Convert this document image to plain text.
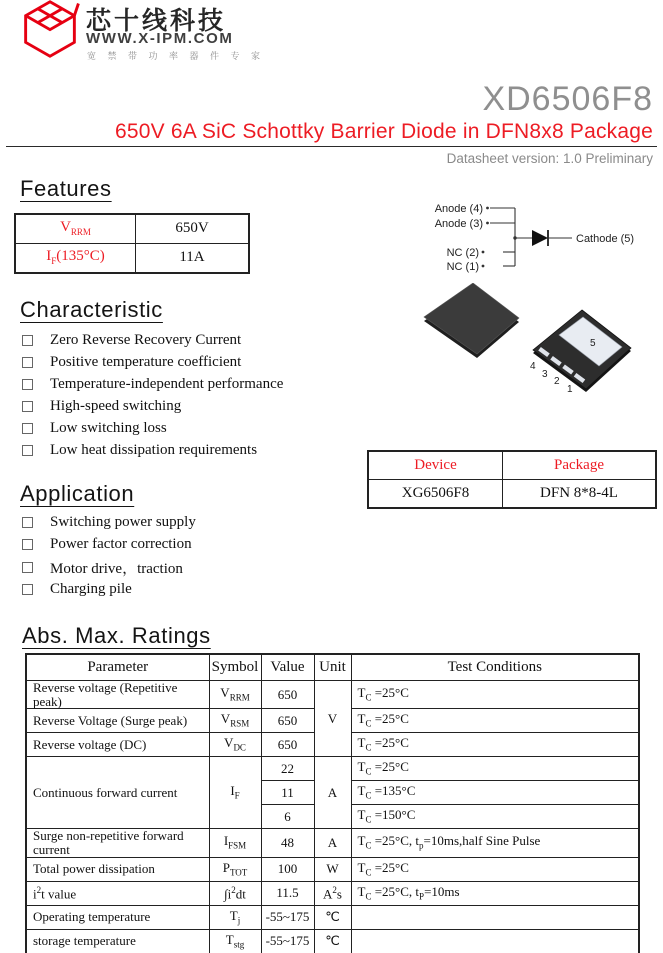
芯十线科技
WWW.X-IPM.COM
宽 禁 带 功 率 器 件 专 家
XD6506F8
650V 6A SiC Schottky Barrier Diode in DFN8x8 Package
Datasheet version: 1.0 Preliminary
Features
$V_{RRM}$	650V
$I_F(135^\circ C)$	11A
Anode (4)
Anode (3)
NC (2)
NC (1)
Cathode (5)
5
4
3
2
1
Characteristic
Zero Reverse Recovery Current
Positive temperature coefficient
Temperature-independent performance
High-speed switching
Low switching loss
Low heat dissipation requirements
Device	Package
XG6506F8	DFN 8*8-4L
Application
Switching power supply
Power factor correction
Motor drive，traction
Charging pile
Abs. Max. Ratings
Parameter	Symbol	Value	Unit	Test Conditions
Reverse voltage (Repetitive peak)	$V_{RRM}$	650	V	$T_C =25^\circ C$
Reverse Voltage (Surge peak)	$V_{RSM}$	650		$T_C =25^\circ C$
Reverse voltage (DC)	$V_{DC}$	650		$T_C =25^\circ C$
Continuous forward current	$I_F$	22	A	$T_C =25^\circ C$
		11		$T_C =135^\circ C$
		6		$T_C =150^\circ C$
Surge non-repetitive forward current	$I_{FSM}$	48	A	$T_C =25^\circ C$, $t_p=10ms,half$ Sine Pulse
Total power dissipation	$P_{TOT}$	100	W	$T_C =25^\circ C$
$i^2t$ value	$\int i^2dt$	11.5	$A^2s$	$T_C =25^\circ C$, $t_P=10ms$
Operating temperature	$T_j$	-55~175	℃	
storage temperature	$T_{stg}$	-55~175	℃	
